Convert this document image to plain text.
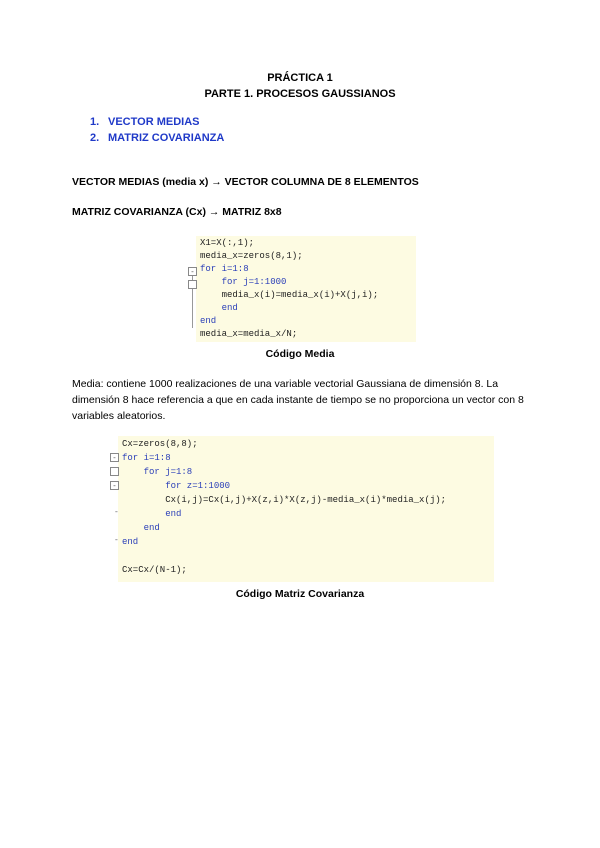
PRÁCTICA 1
PARTE 1. PROCESOS GAUSSIANOS
1. VECTOR MEDIAS
2. MATRIZ COVARIANZA
VECTOR MEDIAS (media x) → VECTOR COLUMNA DE 8 ELEMENTOS
MATRIZ COVARIANZA (Cx) → MATRIZ 8x8

X1=X(:,1);

media_x=zeros(8,1);

for i=1:8

for j=1:1000

media_x(i)=media_x(i)+X(j,i);

end

end

media_x=media_x/N;

-
Código Media
Media: contiene 1000 realizaciones de una variable vectorial Gaussiana de dimensión 8. La dimensión 8 hace referencia a que en cada instante de tiempo se no proporciona un vector con 8 variables aleatorios.

Cx=zeros(8,8);

for i=1:8

for j=1:8

for z=1:1000

Cx(i,j)=Cx(i,j)+X(z,i)*X(z,j)-media_x(i)*media_x(j);

end

end

end

Cx=Cx/(N-1);

-
-
-
-
Código Matriz Covarianza
